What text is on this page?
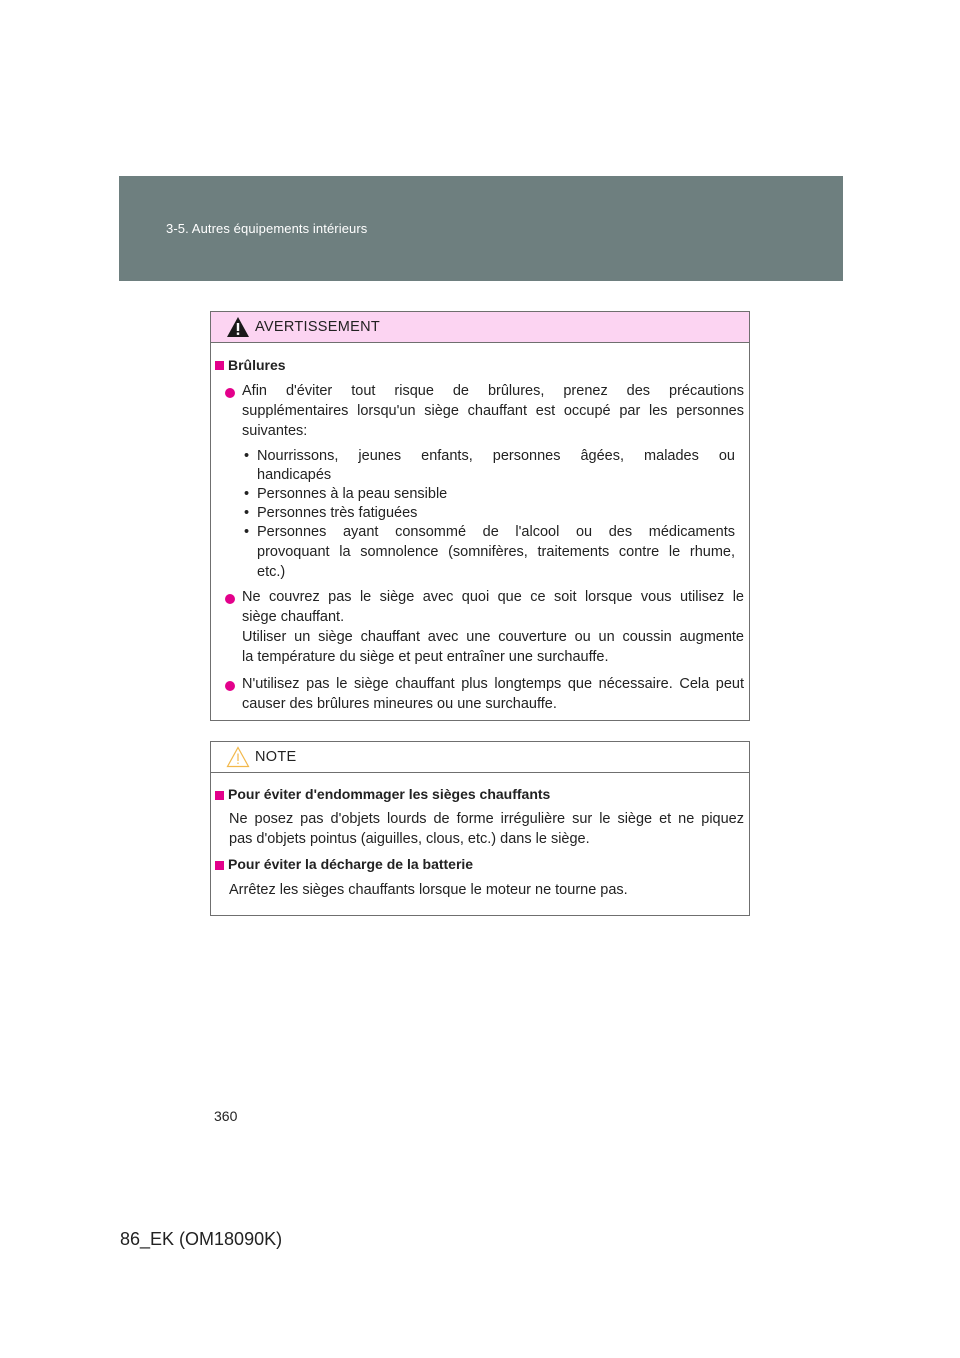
3-5. Autres équipements intérieurs
AVERTISSEMENT
Brûlures
Afin d'éviter tout risque de brûlures, prenez des précautions
supplémentaires lorsqu'un siège chauffant est occupé par les personnes
suivantes:
• Nourrissons, jeunes enfants, personnes âgées, malades ou
handicapés
• Personnes à la peau sensible
• Personnes très fatiguées
• Personnes ayant consommé de l'alcool ou des médicaments
provoquant la somnolence (somnifères, traitements contre le rhume,
etc.)
Ne couvrez pas le siège avec quoi que ce soit lorsque vous utilisez le
siège chauffant.
Utiliser un siège chauffant avec une couverture ou un coussin augmente
la température du siège et peut entraîner une surchauffe.
N'utilisez pas le siège chauffant plus longtemps que nécessaire. Cela peut
causer des brûlures mineures ou une surchauffe.
NOTE
Pour éviter d'endommager les sièges chauffants
Ne posez pas d'objets lourds de forme irrégulière sur le siège et ne piquez
pas d'objets pointus (aiguilles, clous, etc.) dans le siège.
Pour éviter la décharge de la batterie
Arrêtez les sièges chauffants lorsque le moteur ne tourne pas.
360
86_EK (OM18090K)
